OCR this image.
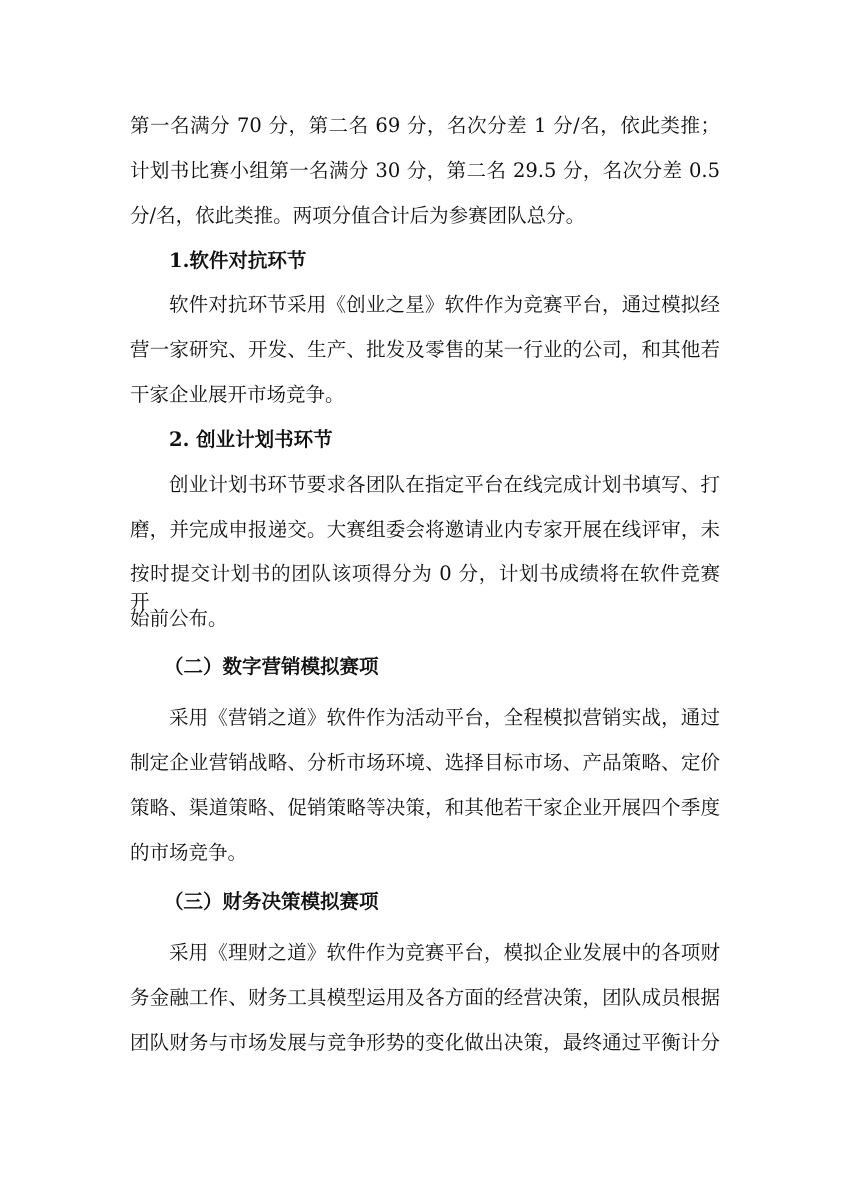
第一名满分 70 分，第二名 69 分，名次分差 1 分/名，依此类推；
计划书比赛小组第一名满分 30 分，第二名 29.5 分，名次分差 0.5
分/名，依此类推。两项分值合计后为参赛团队总分。
1.软件对抗环节
软件对抗环节采用《创业之星》软件作为竞赛平台，通过模拟经
营一家研究、开发、生产、批发及零售的某一行业的公司，和其他若
干家企业展开市场竞争。
2. 创业计划书环节
创业计划书环节要求各团队在指定平台在线完成计划书填写、打
磨，并完成申报递交。大赛组委会将邀请业内专家开展在线评审，未
按时提交计划书的团队该项得分为 0 分，计划书成绩将在软件竞赛开
始前公布。
（二）数字营销模拟赛项
采用《营销之道》软件作为活动平台，全程模拟营销实战，通过
制定企业营销战略、分析市场环境、选择目标市场、产品策略、定价
策略、渠道策略、促销策略等决策，和其他若干家企业开展四个季度
的市场竞争。
（三）财务决策模拟赛项
采用《理财之道》软件作为竞赛平台，模拟企业发展中的各项财
务金融工作、财务工具模型运用及各方面的经营决策，团队成员根据
团队财务与市场发展与竞争形势的变化做出决策，最终通过平衡计分
